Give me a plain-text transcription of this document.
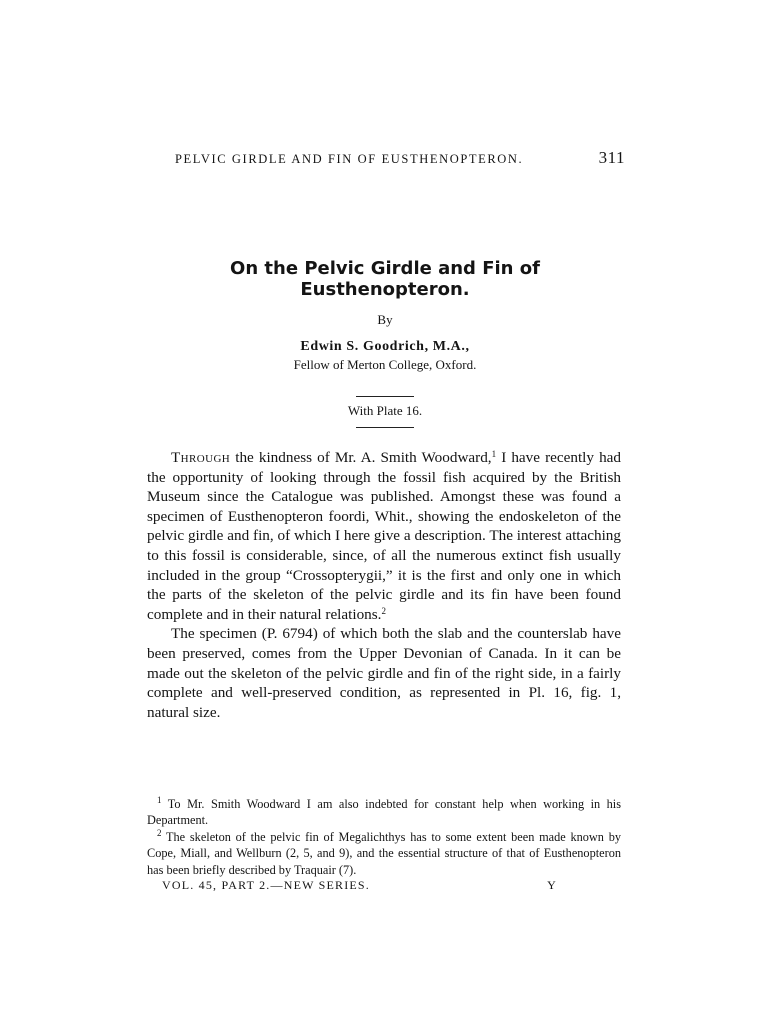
PELVIC GIRDLE AND FIN OF EUSTHENOPTERON.	311
On the Pelvic Girdle and Fin of
Eusthenopteron.
By
Edwin S. Goodrich, M.A.,
Fellow of Merton College, Oxford.
With Plate 16.

Through the kindness of Mr. A. Smith Woodward,$^1$ I have recently had the opportunity of looking through the fossil fish acquired by the British Museum since the Catalogue was published. Amongst these was found a specimen of Eusthenopteron foordi, Whit., showing the endoskeleton of the pelvic girdle and fin, of which I here give a description. The interest attaching to this fossil is considerable, since, of all the numerous extinct fish usually included in the group “Crossopterygii,” it is the first and only one in which the parts of the skeleton of the pelvic girdle and its fin have been found complete and in their natural relations.$^2$

The specimen (P. 6794) of which both the slab and the counterslab have been preserved, comes from the Upper Devonian of Canada. In it can be made out the skeleton of the pelvic girdle and fin of the right side, in a fairly complete and well-preserved condition, as represented in Pl. 16, fig. 1, natural size.

$^1$ To Mr. Smith Woodward I am also indebted for constant help when working in his Department.

$^2$ The skeleton of the pelvic fin of Megalichthys has to some extent been made known by Cope, Miall, and Wellburn (2, 5, and 9), and the essential structure of that of Eusthenopteron has been briefly described by Traquair (7).

VOL. 45, PART 2.—NEW SERIES.	Y
